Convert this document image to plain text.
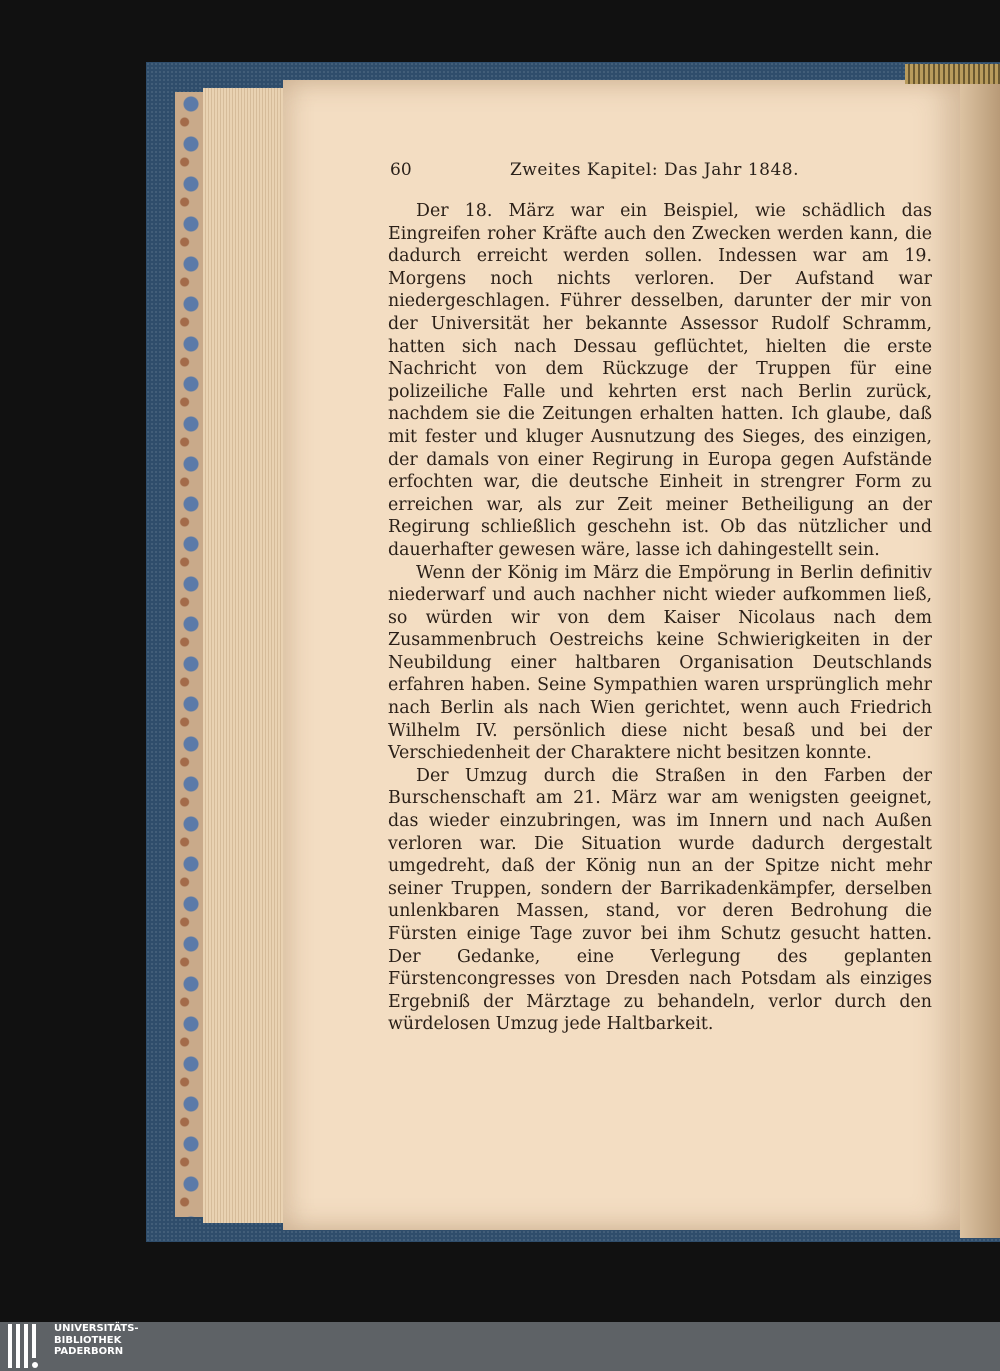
60	Zweites Kapitel: Das Jahr 1848.

Der 18. März war ein Beispiel, wie schädlich das Eingreifen roher Kräfte auch den Zwecken werden kann, die dadurch erreicht werden sollen. Indessen war am 19. Morgens noch nichts verloren. Der Aufstand war niedergeschlagen. Führer desselben, darunter der mir von der Universität her bekannte Assessor Rudolf Schramm, hatten sich nach Dessau geflüchtet, hielten die erste Nachricht von dem Rückzuge der Truppen für eine polizeiliche Falle und kehrten erst nach Berlin zurück, nachdem sie die Zeitungen erhalten hatten. Ich glaube, daß mit fester und kluger Ausnutzung des Sieges, des einzigen, der damals von einer Regirung in Europa gegen Aufstände erfochten war, die deutsche Einheit in strengrer Form zu erreichen war, als zur Zeit meiner Betheiligung an der Regirung schließlich geschehn ist. Ob das nützlicher und dauerhafter gewesen wäre, lasse ich dahingestellt sein.

Wenn der König im März die Empörung in Berlin definitiv niederwarf und auch nachher nicht wieder aufkommen ließ, so würden wir von dem Kaiser Nicolaus nach dem Zusammenbruch Oestreichs keine Schwierigkeiten in der Neubildung einer haltbaren Organisation Deutschlands erfahren haben. Seine Sympathien waren ursprünglich mehr nach Berlin als nach Wien gerichtet, wenn auch Friedrich Wilhelm IV. persönlich diese nicht besaß und bei der Verschiedenheit der Charaktere nicht besitzen konnte.

Der Umzug durch die Straßen in den Farben der Burschenschaft am 21. März war am wenigsten geeignet, das wieder einzubringen, was im Innern und nach Außen verloren war. Die Situation wurde dadurch dergestalt umgedreht, daß der König nun an der Spitze nicht mehr seiner Truppen, sondern der Barrikadenkämpfer, derselben unlenkbaren Massen, stand, vor deren Bedrohung die Fürsten einige Tage zuvor bei ihm Schutz gesucht hatten. Der Gedanke, eine Verlegung des geplanten Fürstencongresses von Dresden nach Potsdam als einziges Ergebniß der Märztage zu behandeln, verlor durch den würdelosen Umzug jede Haltbarkeit.

UNIVERSITÄTS-
BIBLIOTHEK
PADERBORN
